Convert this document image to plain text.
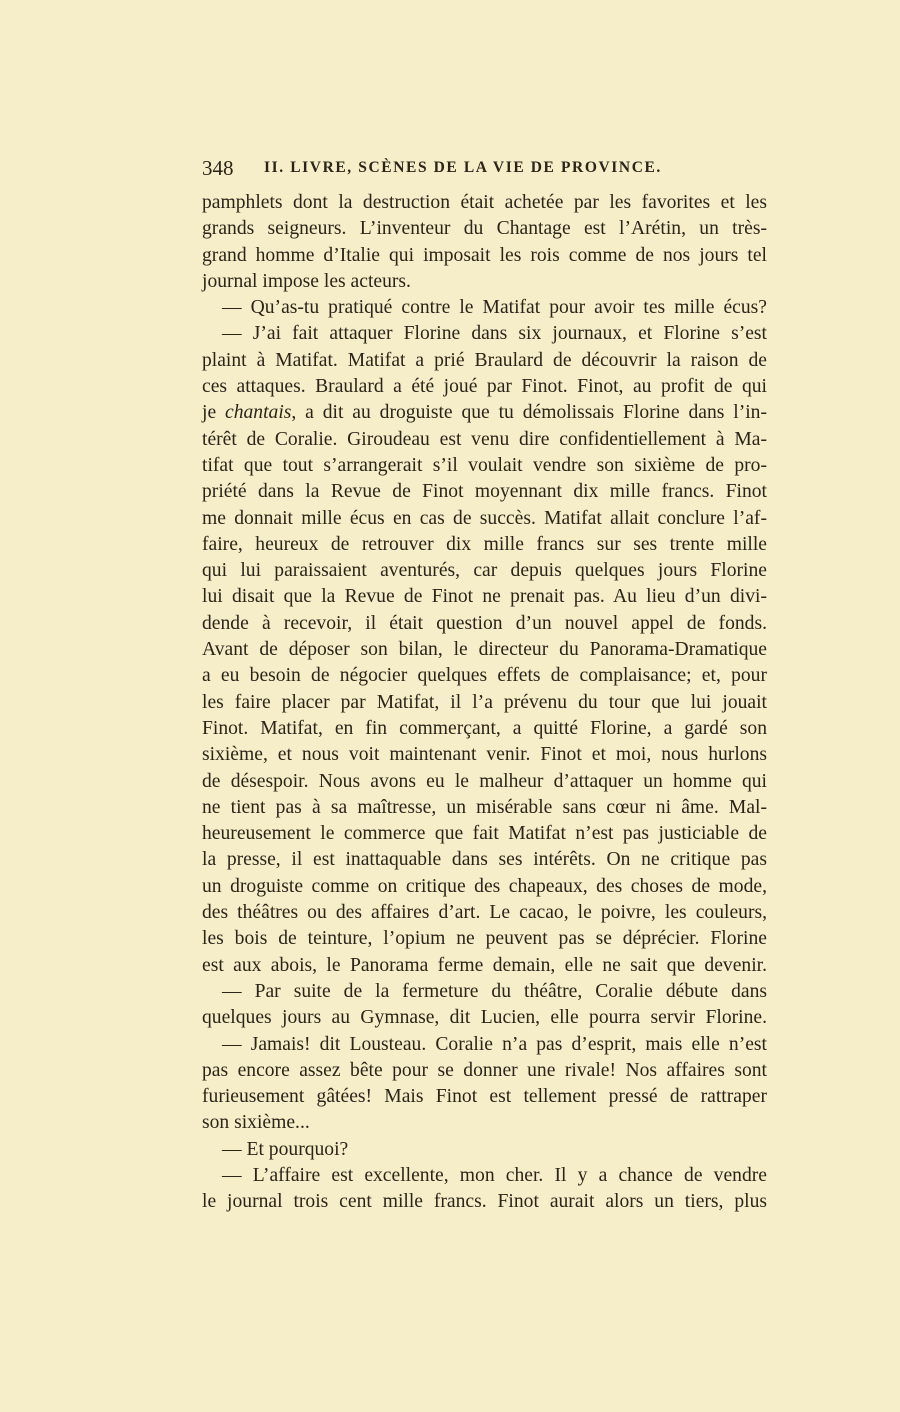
348 II. LIVRE, SCÈNES DE LA VIE DE PROVINCE.
pamphlets dont la destruction était achetée par les favorites et les
grands seigneurs. L’inventeur du Chantage est l’Arétin, un très-
grand homme d’Italie qui imposait les rois comme de nos jours tel
journal impose les acteurs.
— Qu’as-tu pratiqué contre le Matifat pour avoir tes mille écus?
— J’ai fait attaquer Florine dans six journaux, et Florine s’est
plaint à Matifat. Matifat a prié Braulard de découvrir la raison de
ces attaques. Braulard a été joué par Finot. Finot, au profit de qui
je chantais, a dit au droguiste que tu démolissais Florine dans l’in-
térêt de Coralie. Giroudeau est venu dire confidentiellement à Ma-
tifat que tout s’arrangerait s’il voulait vendre son sixième de pro-
priété dans la Revue de Finot moyennant dix mille francs. Finot
me donnait mille écus en cas de succès. Matifat allait conclure l’af-
faire, heureux de retrouver dix mille francs sur ses trente mille
qui lui paraissaient aventurés, car depuis quelques jours Florine
lui disait que la Revue de Finot ne prenait pas. Au lieu d’un divi-
dende à recevoir, il était question d’un nouvel appel de fonds.
Avant de déposer son bilan, le directeur du Panorama-Dramatique
a eu besoin de négocier quelques effets de complaisance; et, pour
les faire placer par Matifat, il l’a prévenu du tour que lui jouait
Finot. Matifat, en fin commerçant, a quitté Florine, a gardé son
sixième, et nous voit maintenant venir. Finot et moi, nous hurlons
de désespoir. Nous avons eu le malheur d’attaquer un homme qui
ne tient pas à sa maîtresse, un misérable sans cœur ni âme. Mal-
heureusement le commerce que fait Matifat n’est pas justiciable de
la presse, il est inattaquable dans ses intérêts. On ne critique pas
un droguiste comme on critique des chapeaux, des choses de mode,
des théâtres ou des affaires d’art. Le cacao, le poivre, les couleurs,
les bois de teinture, l’opium ne peuvent pas se déprécier. Florine
est aux abois, le Panorama ferme demain, elle ne sait que devenir.
— Par suite de la fermeture du théâtre, Coralie débute dans
quelques jours au Gymnase, dit Lucien, elle pourra servir Florine.
— Jamais! dit Lousteau. Coralie n’a pas d’esprit, mais elle n’est
pas encore assez bête pour se donner une rivale! Nos affaires sont
furieusement gâtées! Mais Finot est tellement pressé de rattraper
son sixième...
— Et pourquoi?
— L’affaire est excellente, mon cher. Il y a chance de vendre
le journal trois cent mille francs. Finot aurait alors un tiers, plus
